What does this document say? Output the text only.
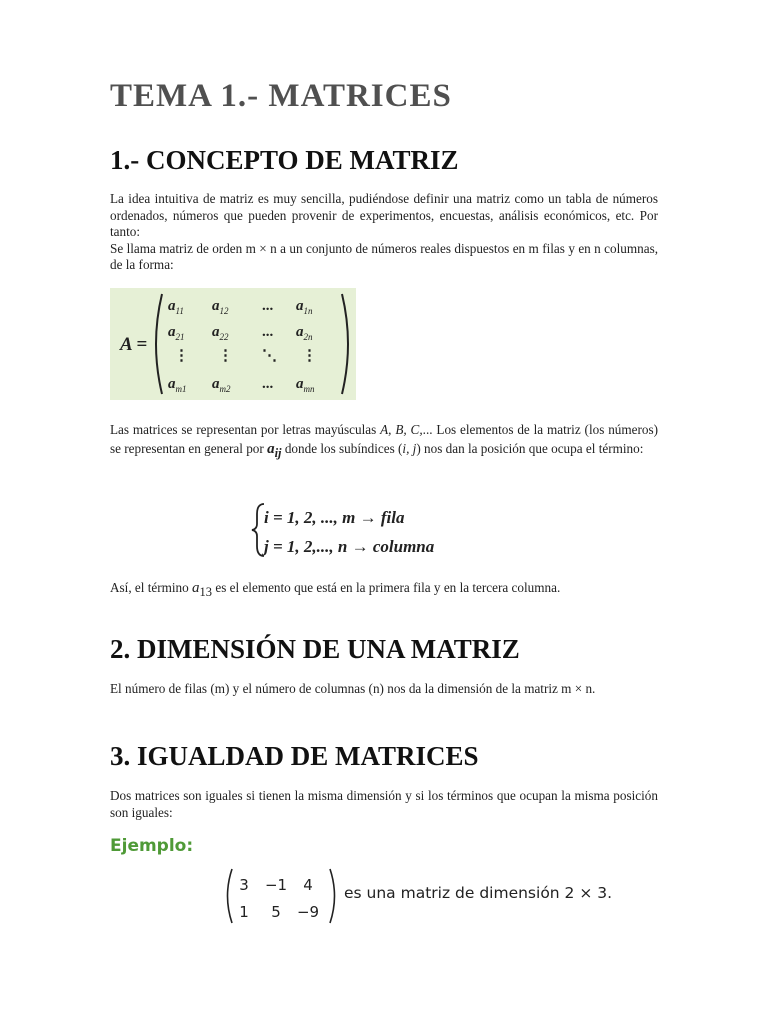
TEMA 1.- MATRICES
1.- CONCEPTO DE MATRIZ

La idea intuitiva de matriz es muy sencilla, pudiéndose definir una matriz como un tabla de números ordenados, números que pueden provenir de experimentos, encuestas, análisis económicos, etc. Por tanto:

Se llama matriz de orden m × n a un conjunto de números reales dispuestos en m filas y en n columnas, de la forma:

A =
$a_{11}$ $a_{12}$ ... $a_{1n}$
$a_{21}$ $a_{22}$ ... $a_{2n}$
⋮ ⋮ ⋱ ⋮
$a_{m1}$ $a_{m2}$ ... $a_{mn}$

Las matrices se representan por letras mayúsculas A, B, C,... Los elementos de la matriz (los números) se representan en general por $a_{ij}$ donde los subíndices (i, j) nos dan la posición que ocupa el término:

i = 1, 2, ..., m → fila
j = 1, 2,..., n → columna

Así, el término $a_{13}$ es el elemento que está en la primera fila y en la tercera columna.

2. DIMENSIÓN DE UNA MATRIZ

El número de filas (m) y el número de columnas (n) nos da la dimensión de la matriz m × n.

3. IGUALDAD DE MATRICES

Dos matrices son iguales si tienen la misma dimensión y si los términos que ocupan la misma posición son iguales:

Ejemplo:

3 −1 4
1 5 −9
es una matriz de dimensión 2 × 3.
